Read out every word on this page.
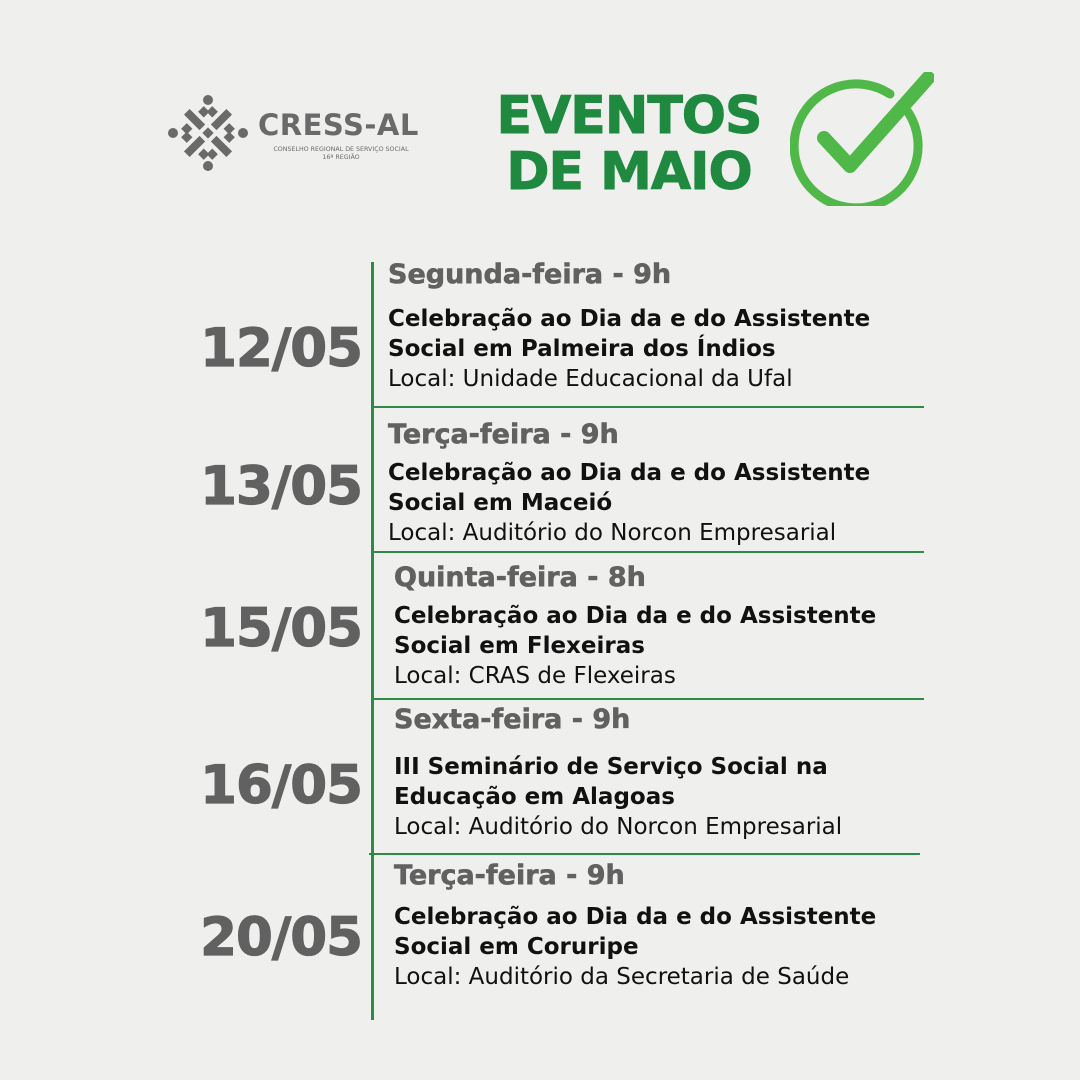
CRESS-AL
CONSELHO REGIONAL DE SERVIÇO SOCIAL
16ª REGIÃO
EVENTOS
DE MAIO
12/05
Segunda-feira - 9h
Celebração ao Dia da e do Assistente
Social em Palmeira dos Índios
Local: Unidade Educacional da Ufal
13/05
Terça-feira - 9h
Celebração ao Dia da e do Assistente
Social em Maceió
Local: Auditório do Norcon Empresarial
15/05
Quinta-feira - 8h
Celebração ao Dia da e do Assistente
Social em Flexeiras
Local: CRAS de Flexeiras
16/05
Sexta-feira - 9h
III Seminário de Serviço Social na
Educação em Alagoas
Local: Auditório do Norcon Empresarial
20/05
Terça-feira - 9h
Celebração ao Dia da e do Assistente
Social em Coruripe
Local: Auditório da Secretaria de Saúde
